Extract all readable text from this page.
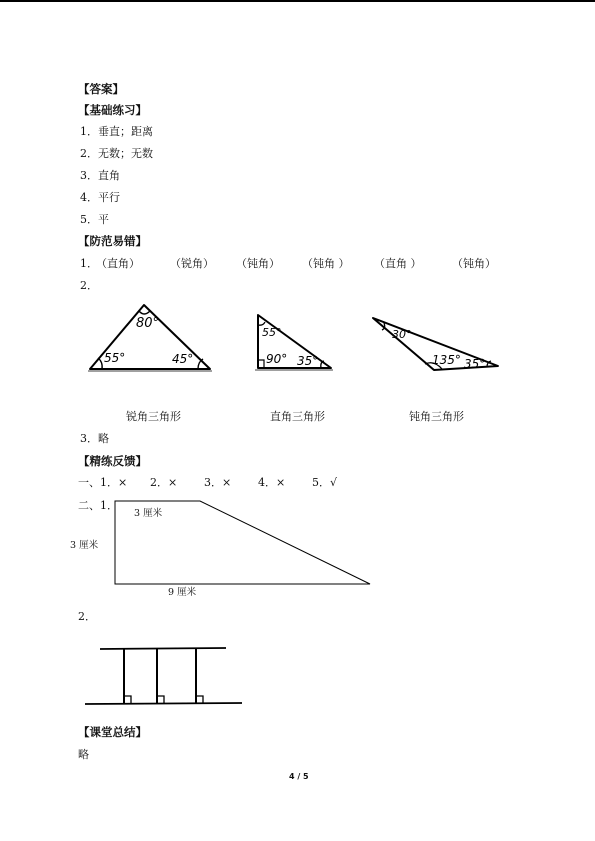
【答案】
【基础练习】
1．垂直；距离
2．无数；无数
3．直角
4．平行
5．平
【防范易错】
1．
（直角）	（锐角） （钝角） （钝角 ） （直角 ）	（钝角）
2．
80°
55°	45°
55°
90° 35°
30°
135° 35°
锐角三角形	直角三角形	钝角三角形
3．略
【精练反馈】
一、1．× 2．× 3．× 4．× 5．√
二、1．
3 厘米
3 厘米
9 厘米
2．
【课堂总结】
略
4 / 5
